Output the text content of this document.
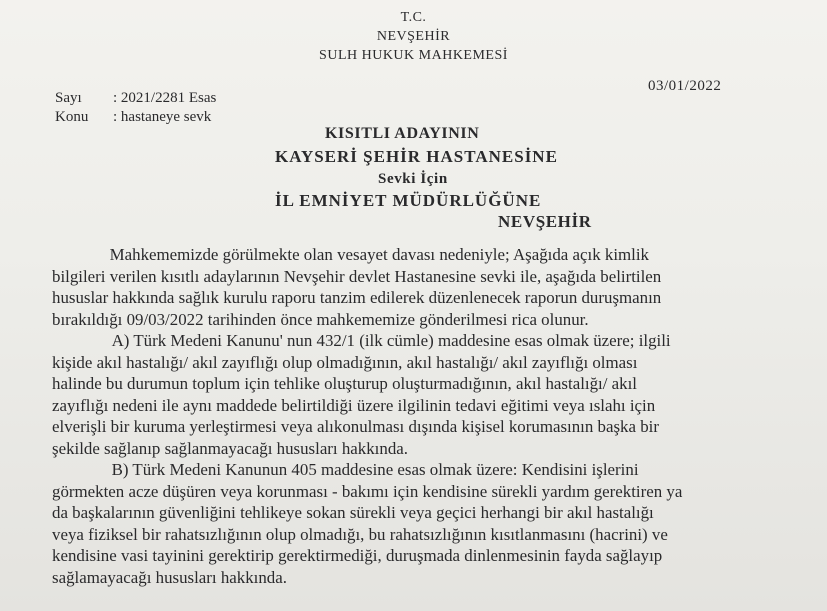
T.C.
NEVŞEHİR
SULH HUKUK MAHKEMESİ
03/01/2022
Sayı : 2021/2281 Esas
Konu : hastaneye sevk
KISITLI ADAYININ
KAYSERİ ŞEHİR HASTANESİNE
Sevki İçin
İL EMNİYET MÜDÜRLÜĞÜNE
NEVŞEHİR
Mahkememizde görülmekte olan vesayet davası nedeniyle; Aşağıda açık kimlik
bilgileri verilen kısıtlı adaylarının Nevşehir devlet Hastanesine sevki ile, aşağıda belirtilen
hususlar hakkında sağlık kurulu raporu tanzim edilerek düzenlenecek raporun duruşmanın
bırakıldığı 09/03/2022 tarihinden önce mahkememize gönderilmesi rica olunur.
A) Türk Medeni Kanunu' nun 432/1 (ilk cümle) maddesine esas olmak üzere; ilgili
kişide akıl hastalığı/ akıl zayıflığı olup olmadığının, akıl hastalığı/ akıl zayıflığı olması
halinde bu durumun toplum için tehlike oluşturup oluşturmadığının, akıl hastalığı/ akıl
zayıflığı nedeni ile aynı maddede belirtildiği üzere ilgilinin tedavi eğitimi veya ıslahı için
elverişli bir kuruma yerleştirmesi veya alıkonulması dışında kişisel korumasının başka bir
şekilde sağlanıp sağlanmayacağı hususları hakkında.
B) Türk Medeni Kanunun 405 maddesine esas olmak üzere: Kendisini işlerini
görmekten acze düşüren veya korunması - bakımı için kendisine sürekli yardım gerektiren ya
da başkalarının güvenliğini tehlikeye sokan sürekli veya geçici herhangi bir akıl hastalığı
veya fiziksel bir rahatsızlığının olup olmadığı, bu rahatsızlığının kısıtlanmasını (hacrini) ve
kendisine vasi tayinini gerektirip gerektirmediği, duruşmada dinlenmesinin fayda sağlayıp
sağlamayacağı hususları hakkında.
